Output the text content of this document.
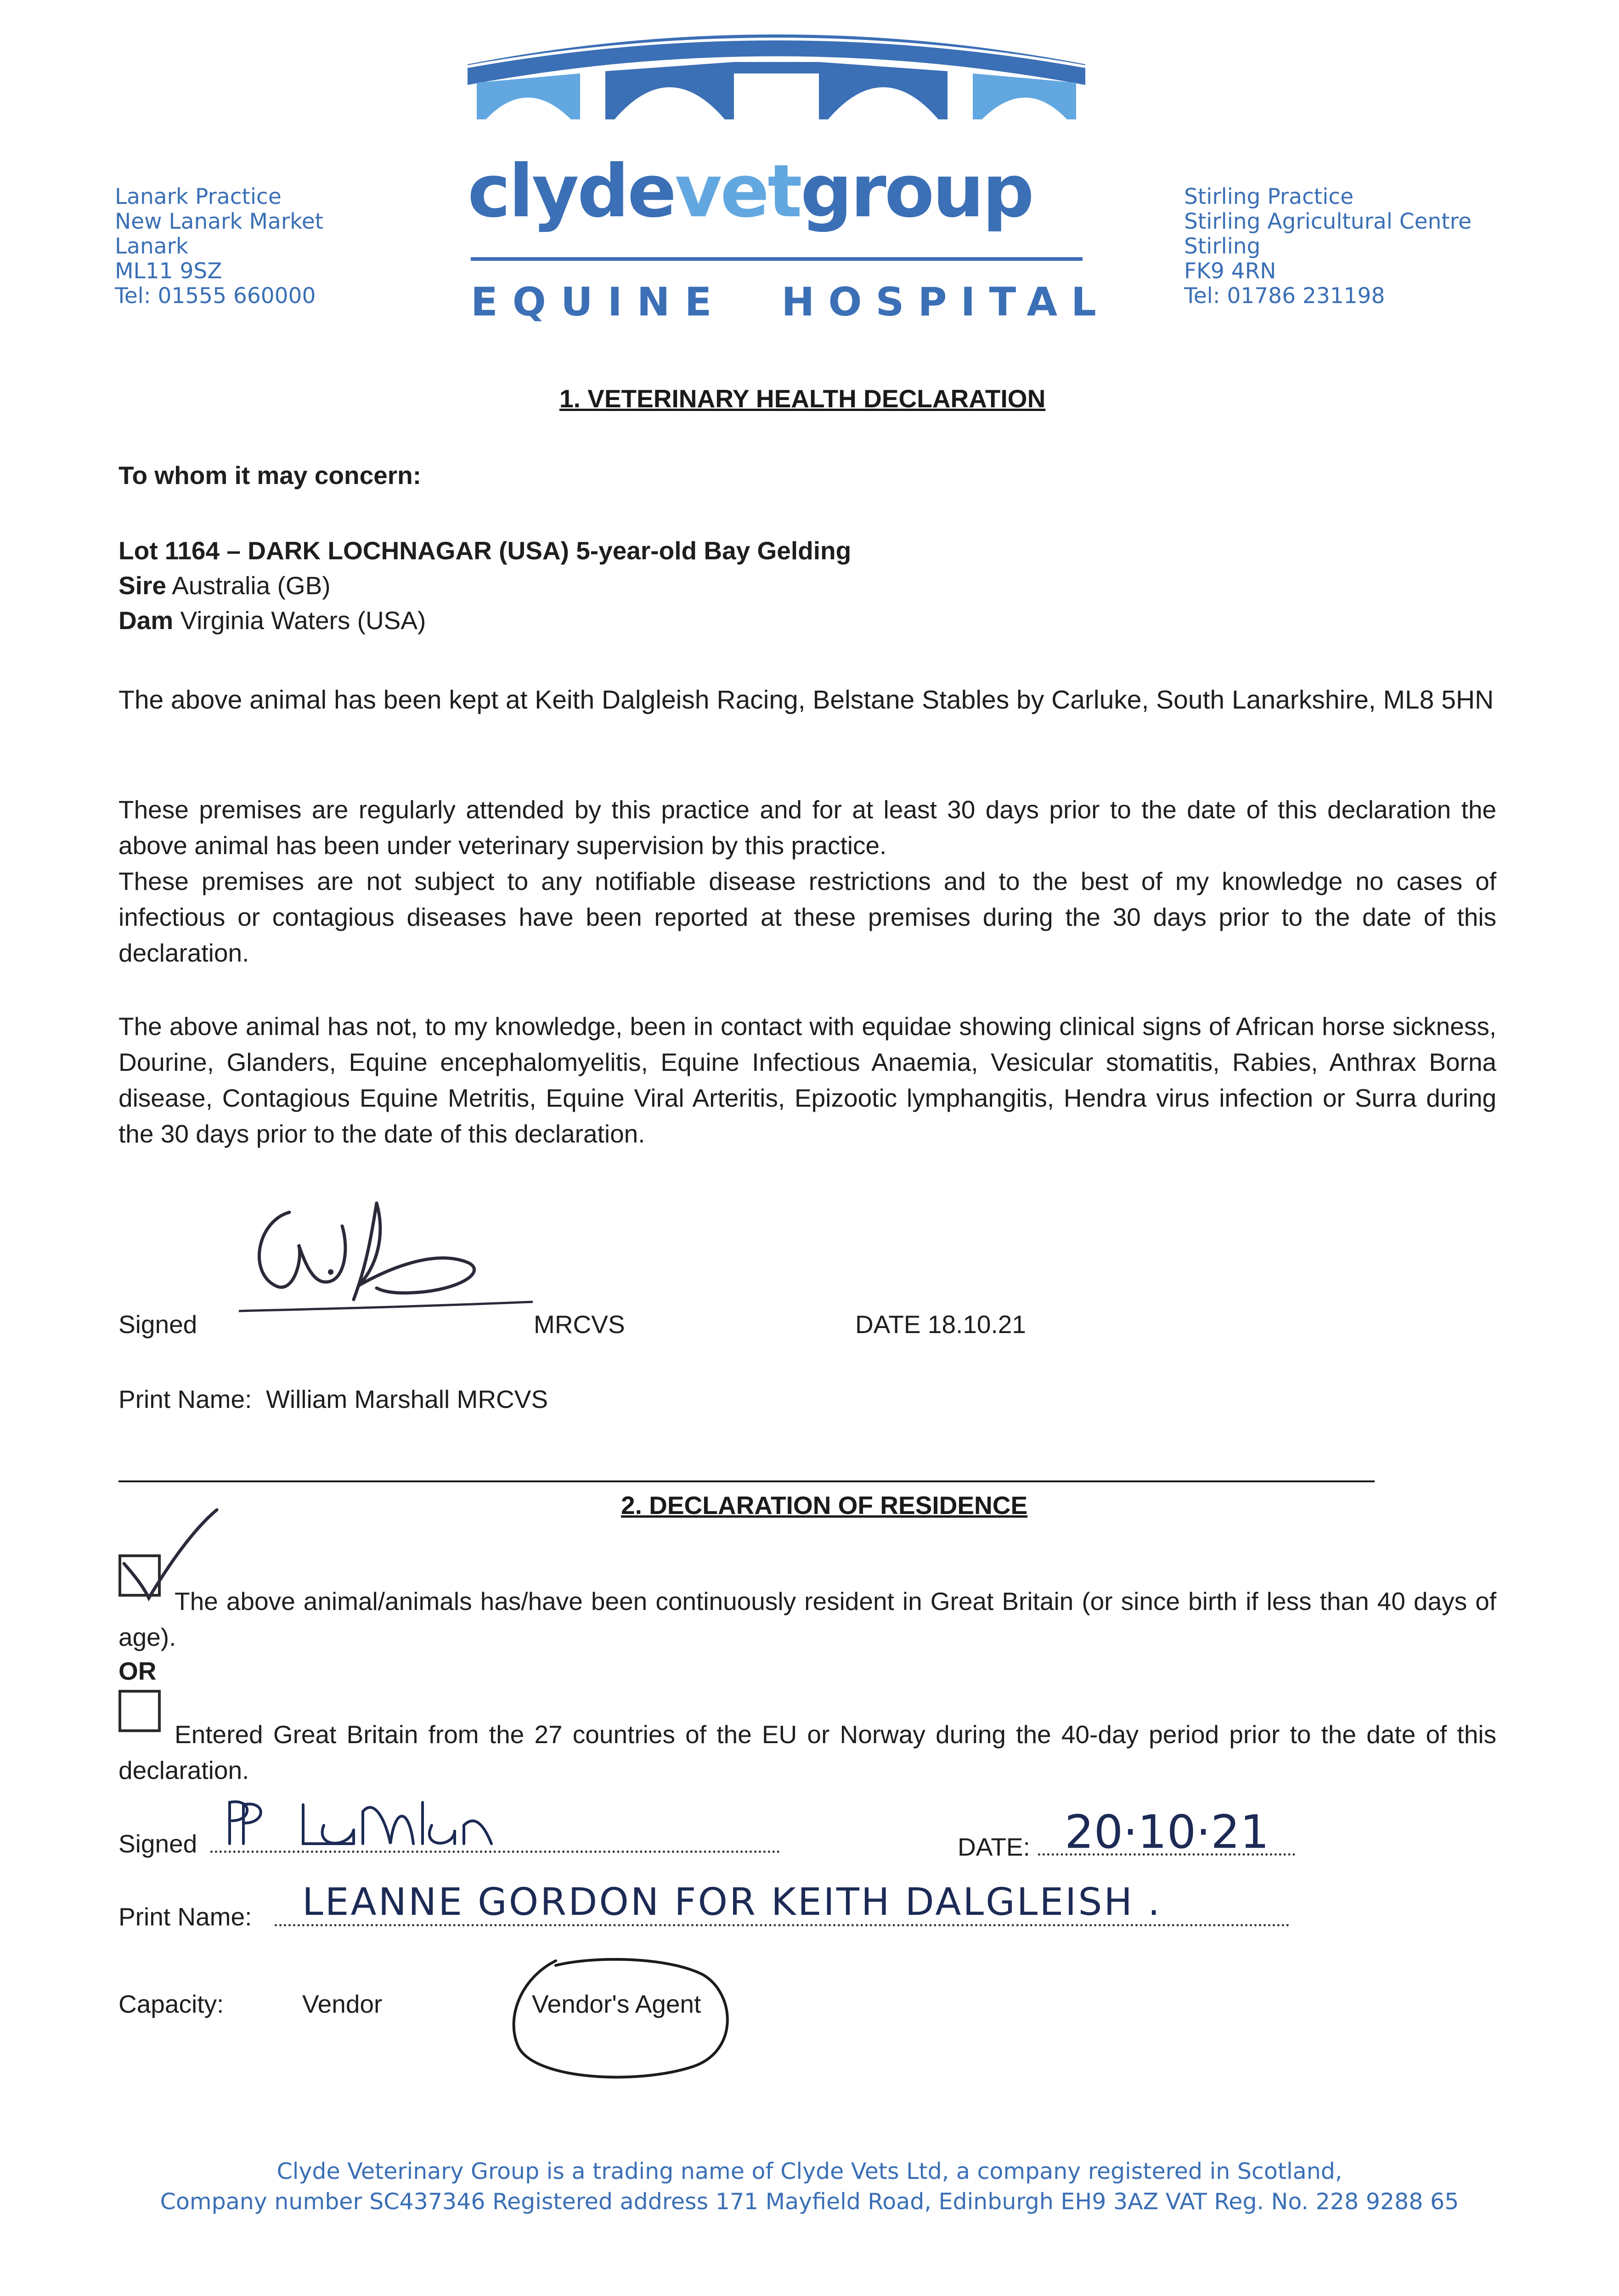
Lanark Practice
New Lanark Market
Lanark
ML11 9SZ
Tel: 01555 660000
Stirling Practice
Stirling Agricultural Centre
Stirling
FK9 4RN
Tel: 01786 231198
clydevetgroup
EQUINE HOSPITAL
1. VETERINARY HEALTH DECLARATION
To whom it may concern:
Lot 1164 – DARK LOCHNAGAR (USA) 5-year-old Bay Gelding
Sire Australia (GB)
Dam Virginia Waters (USA)
The above animal has been kept at Keith Dalgleish Racing, Belstane Stables by Carluke, South Lanarkshire, ML8 5HN
These premises are regularly attended by this practice and for at least 30 days prior to the date of this declaration the above animal has been under veterinary supervision by this practice.
These premises are not subject to any notifiable disease restrictions and to the best of my knowledge no cases of infectious or contagious diseases have been reported at these premises during the 30 days prior to the date of this declaration.
The above animal has not, to my knowledge, been in contact with equidae showing clinical signs of African horse sickness, Dourine, Glanders, Equine encephalomyelitis, Equine Infectious Anaemia, Vesicular stomatitis, Rabies, Anthrax Borna disease, Contagious Equine Metritis, Equine Viral Arteritis, Epizootic lymphangitis, Hendra virus infection or Surra during the 30 days prior to the date of this declaration.
Signed	MRCVS	DATE 18.10.21
Print Name: William Marshall MRCVS
2. DECLARATION OF RESIDENCE
The above animal/animals has/have been continuously resident in Great Britain (or since birth if less than 40 days of age).
OR
Entered Great Britain from the 27 countries of the EU or Norway during the 40-day period prior to the date of this declaration.
Signed	DATE: 20·10·21
Print Name: LEANNE GORDON FOR KEITH DALGLEISH .
Capacity:	Vendor	Vendor's Agent
Clyde Veterinary Group is a trading name of Clyde Vets Ltd, a company registered in Scotland,
Company number SC437346 Registered address 171 Mayfield Road, Edinburgh EH9 3AZ VAT Reg. No. 228 9288 65
